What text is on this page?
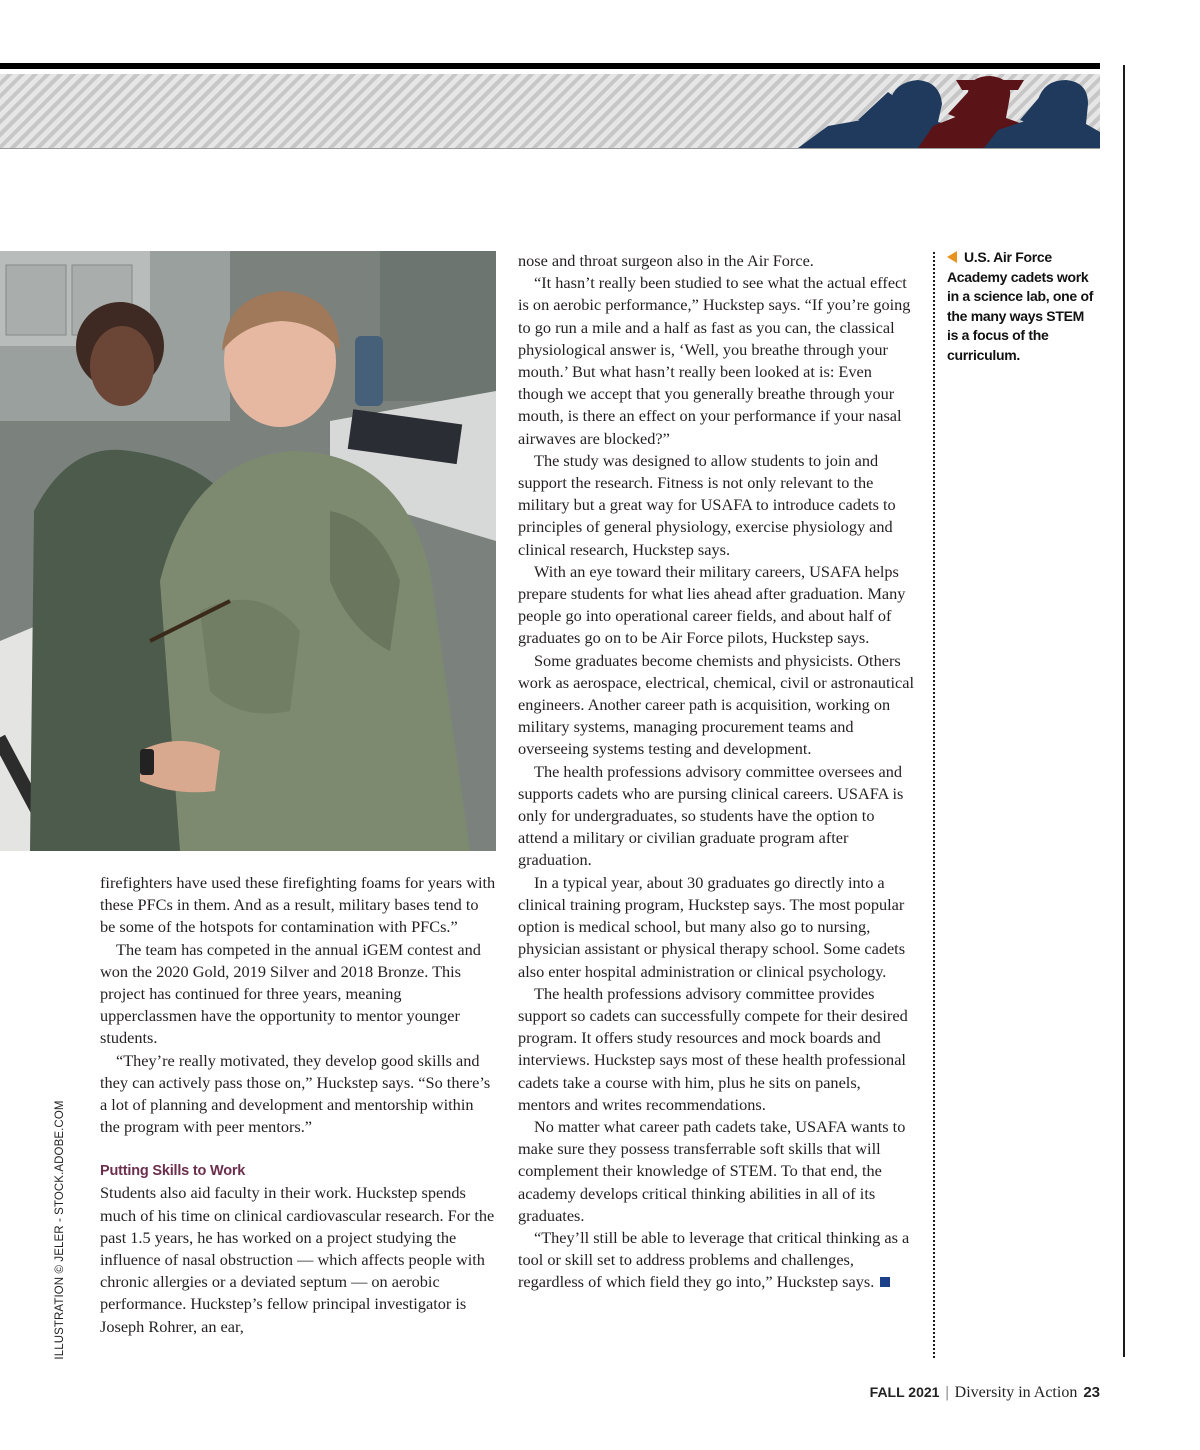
ILLUSTRATION © JELER - STOCK.ADOBE.COM

firefighters have used these firefighting foams for years with these PFCs in them. And as a result, military bases tend to be some of the hotspots for contamination with PFCs.”

The team has competed in the annual iGEM contest and won the 2020 Gold, 2019 Silver and 2018 Bronze. This project has continued for three years, meaning upperclassmen have the opportunity to mentor younger students.

“They’re really motivated, they develop good skills and they can actively pass those on,” Huckstep says. “So there’s a lot of planning and development and mentorship within the program with peer mentors.”

Putting Skills to Work

Students also aid faculty in their work. Huckstep spends much of his time on clinical cardiovascular research. For the past 1.5 years, he has worked on a project studying the influence of nasal obstruction — which affects people with chronic allergies or a deviated septum — on aerobic performance. Huckstep’s fellow principal investigator is Joseph Rohrer, an ear,

nose and throat surgeon also in the Air Force.

“It hasn’t really been studied to see what the actual effect is on aerobic performance,” Huckstep says. “If you’re going to go run a mile and a half as fast as you can, the classical physiological answer is, ‘Well, you breathe through your mouth.’ But what hasn’t really been looked at is: Even though we accept that you generally breathe through your mouth, is there an effect on your performance if your nasal airwaves are blocked?”

The study was designed to allow students to join and support the research. Fitness is not only relevant to the military but a great way for USAFA to introduce cadets to principles of general physiology, exercise physiology and clinical research, Huckstep says.

With an eye toward their military careers, USAFA helps prepare students for what lies ahead after graduation. Many people go into operational career fields, and about half of graduates go on to be Air Force pilots, Huckstep says.

Some graduates become chemists and physicists. Others work as aerospace, electrical, chemical, civil or astronautical engineers. Another career path is acquisition, working on military systems, managing procurement teams and overseeing systems testing and development.

The health professions advisory committee oversees and supports cadets who are pursing clinical careers. USAFA is only for undergraduates, so students have the option to attend a military or civilian graduate program after graduation.

In a typical year, about 30 graduates go directly into a clinical training program, Huckstep says. The most popular option is medical school, but many also go to nursing, physician assistant or physical therapy school. Some cadets also enter hospital administration or clinical psychology.

The health professions advisory committee provides support so cadets can successfully compete for their desired program. It offers study resources and mock boards and interviews. Huckstep says most of these health professional cadets take a course with him, plus he sits on panels, mentors and writes recommendations.

No matter what career path cadets take, USAFA wants to make sure they possess transferrable soft skills that will complement their knowledge of STEM. To that end, the academy develops critical thinking abilities in all of its graduates.

“They’ll still be able to leverage that critical thinking as a tool or skill set to address problems and challenges, regardless of which field they go into,” Huckstep says.

U.S. Air Force Academy cadets work in a science lab, one of the many ways STEM is a focus of the curriculum.
FALL 2021 | Diversity in Action 23
